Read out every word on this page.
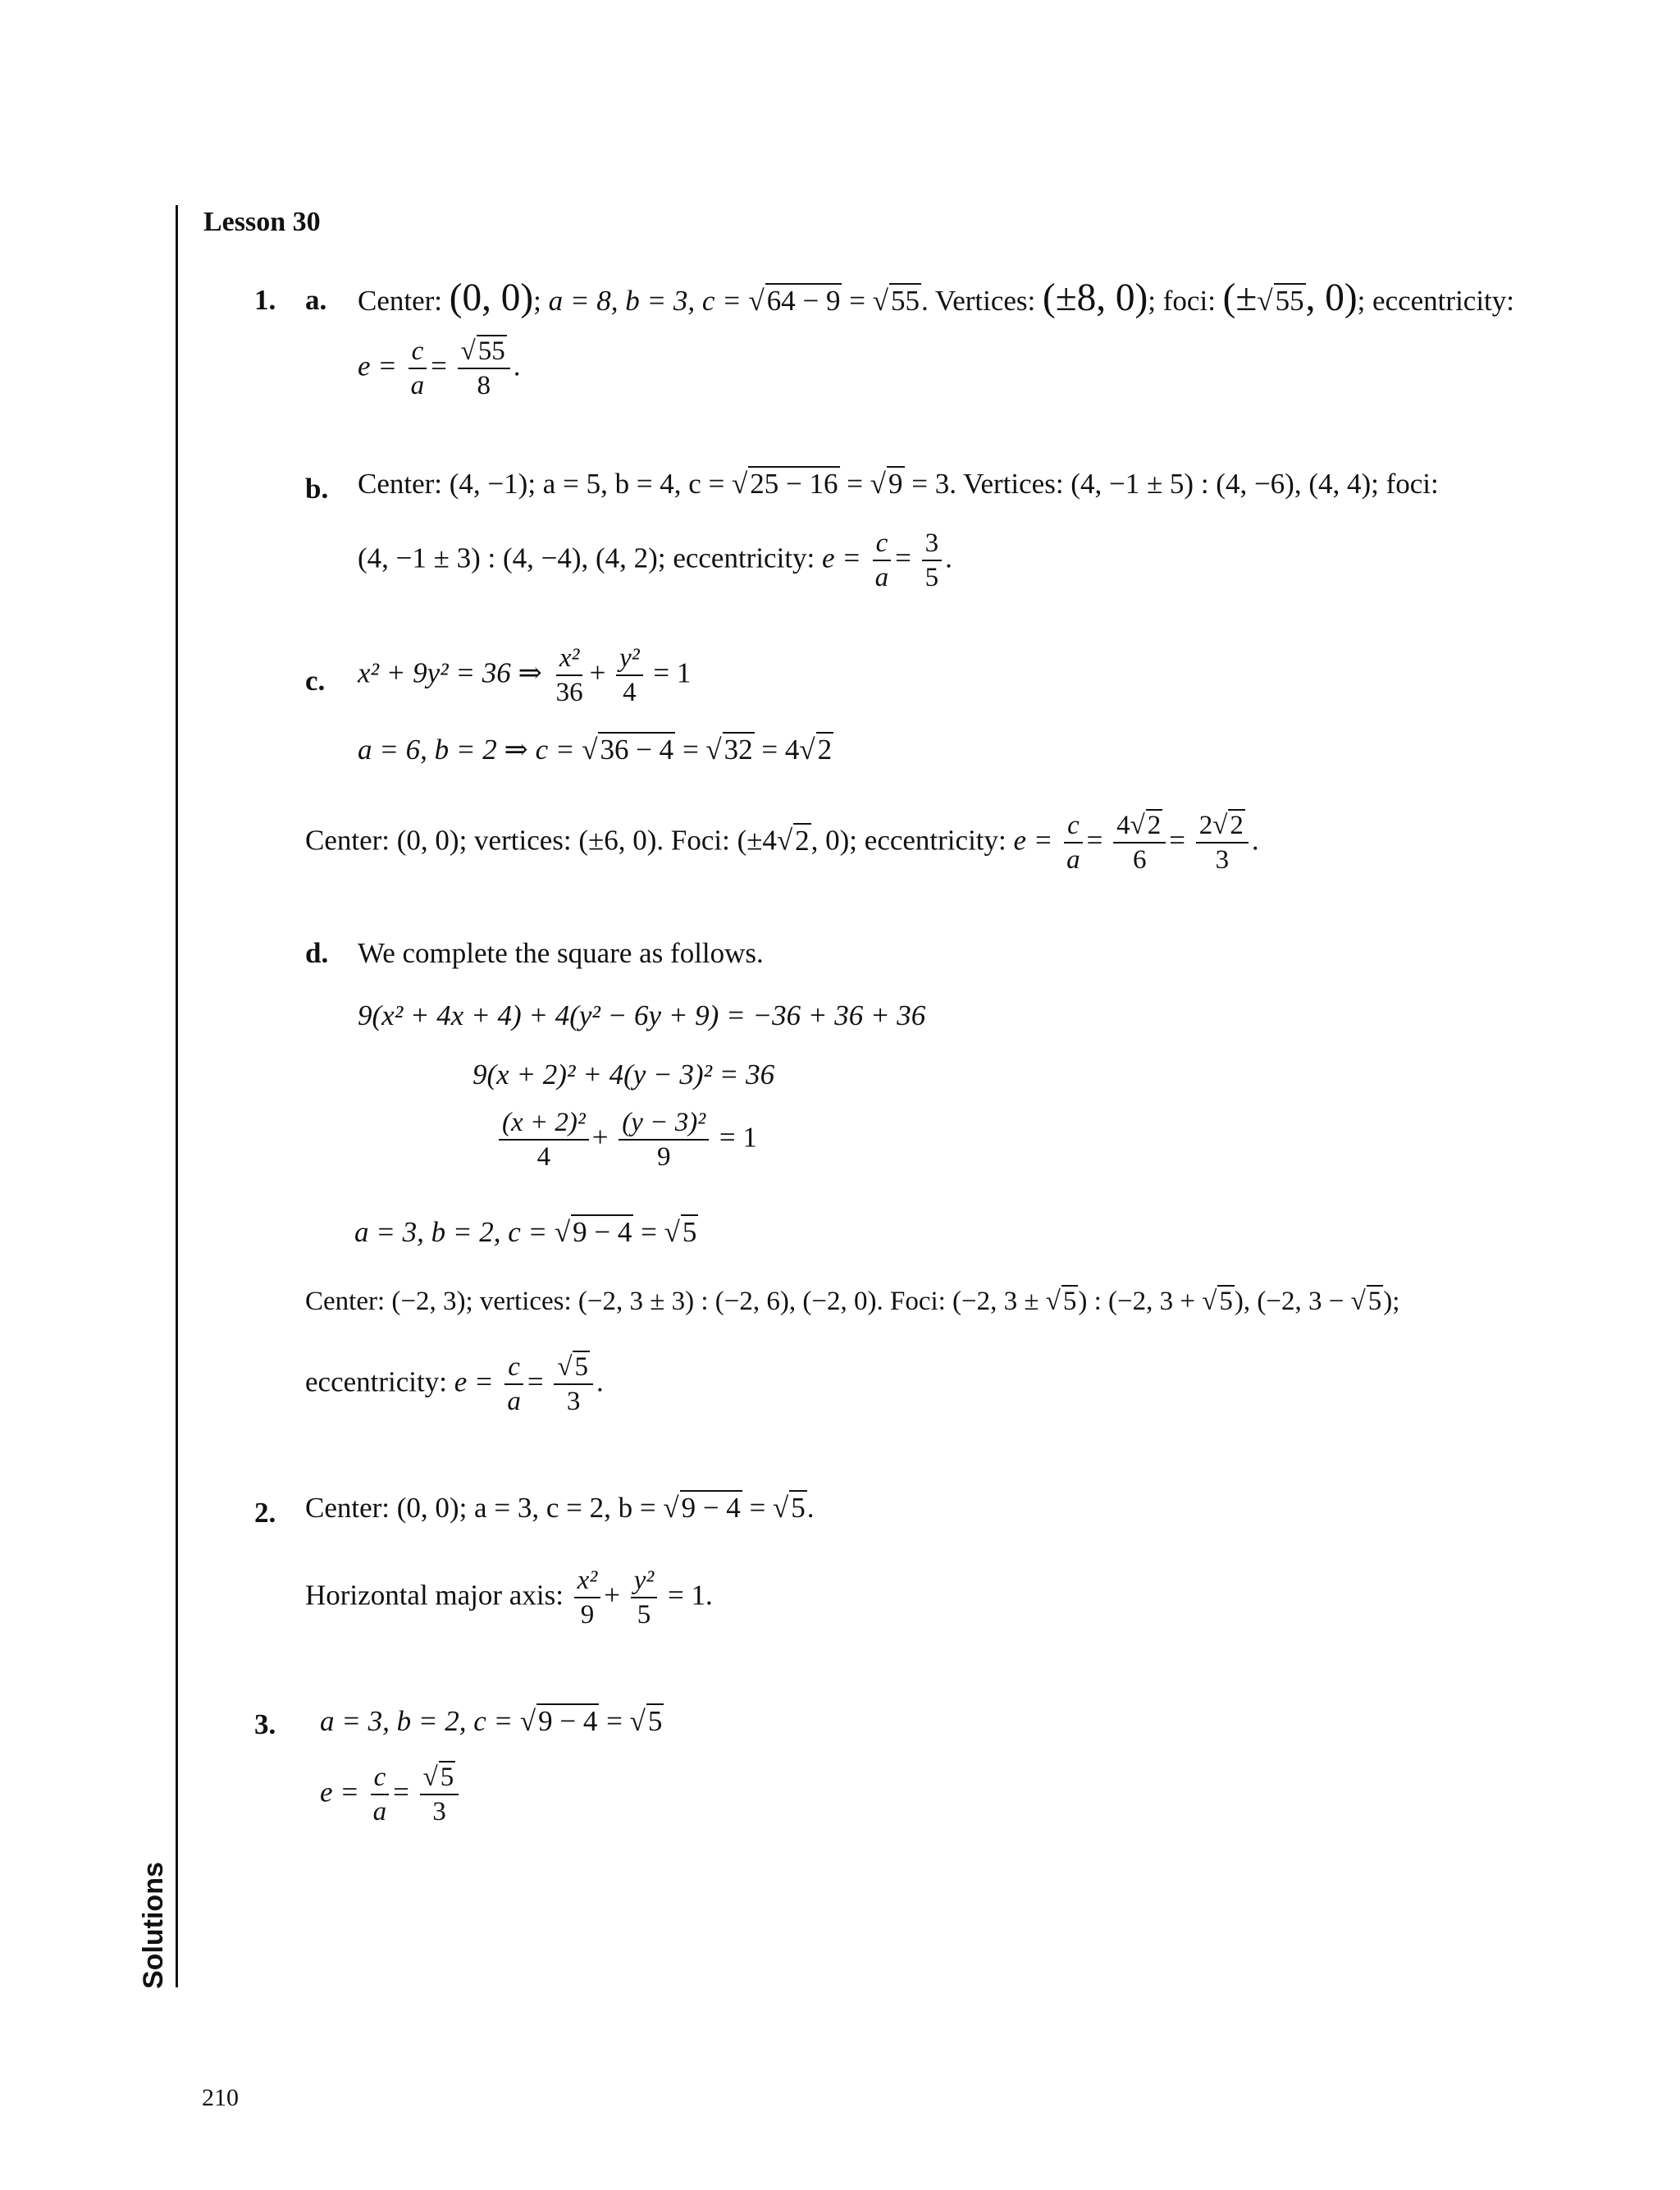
Solutions
210
Lesson 30
1. a. Center: (0, 0); a = 8, b = 3, c = √64 − 9 = √55. Vertices: (±8, 0); foci: (±√55, 0); eccentricity:
$e = \frac{c}{a} = \frac{√55}{8}$ .
b. Center: (4, −1); a = 5, b = 4, c = √25 − 16 = √9 = 3. Vertices: (4, −1 ± 5) : (4, −6), (4, 4); foci:
(4, −1 ± 3) : (4, −4), (4, 2); eccentricity: $e = \frac{c}{a} = \frac{3}{5}$ .
c. x² + 9y² = 36 ⇒ $\frac{\text{x²}}{36} + \frac{\text{y²}}{4} = 1$
a = 6, b = 2 ⇒ c = √36 − 4 = √32 = 4√2
Center: (0, 0); vertices: (±6, 0). Foci: (±4√2, 0); eccentricity: $e = \frac{c}{a} = \frac{4√2}{6} = \frac{2√2}{3}$ .
d. We complete the square as follows.
9(x² + 4x + 4) + 4(y² − 6y + 9) = −36 + 36 + 36
9(x + 2)² + 4(y − 3)² = 36
$\frac{\text{(x + 2)²}}{4} + \frac{\text{(y − 3)²}}{9} = 1$
a = 3, b = 2, c = √9 − 4 = √5
Center: (−2, 3); vertices: (−2, 3 ± 3) : (−2, 6), (−2, 0). Foci: (−2, 3 ± √5) : (−2, 3 + √5), (−2, 3 − √5);
eccentricity: $e = \frac{c}{a} = \frac{√5}{3}$ .
2. Center: (0, 0); a = 3, c = 2, b = √9 − 4 = √5.
Horizontal major axis: $\frac{\text{x²}}{9} + \frac{\text{y²}}{5} = 1$.
3. a = 3, b = 2, c = √9 − 4 = √5
$e = \frac{c}{a} = \frac{√5}{3}$
